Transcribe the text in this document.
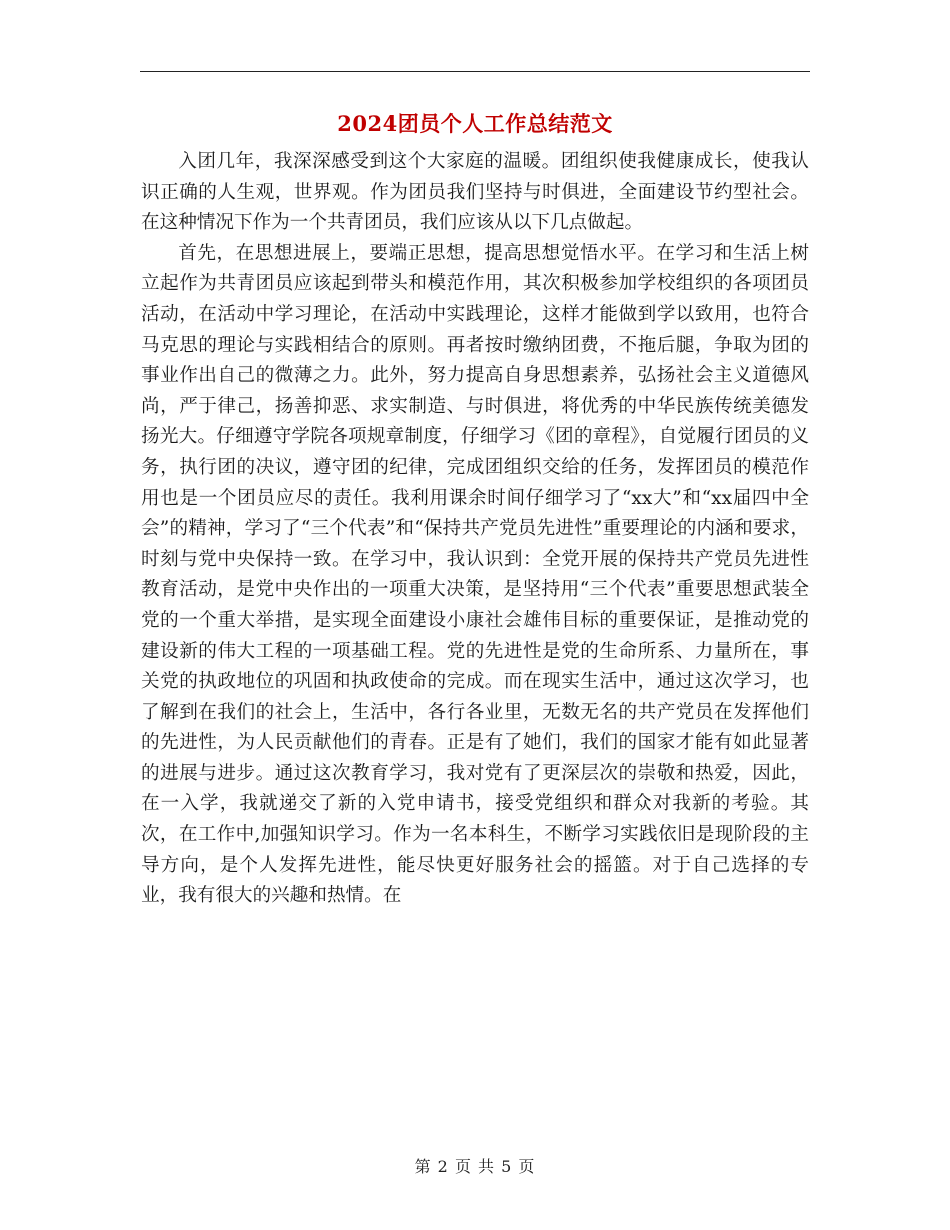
2024团员个人工作总结范文

入团几年，我深深感受到这个大家庭的温暖。团组织使我健康成长，使我认识正确的人生观，世界观。作为团员我们坚持与时俱进，全面建设节约型社会。在这种情况下作为一个共青团员，我们应该从以下几点做起。

首先，在思想进展上，要端正思想，提高思想觉悟水平。在学习和生活上树立起作为共青团员应该起到带头和模范作用，其次积极参加学校组织的各项团员活动，在活动中学习理论，在活动中实践理论，这样才能做到学以致用，也符合马克思的理论与实践相结合的原则。再者按时缴纳团费，不拖后腿，争取为团的事业作出自己的微薄之力。此外，努力提高自身思想素养，弘扬社会主义道德风尚，严于律己，扬善抑恶、求实制造、与时俱进，将优秀的中华民族传统美德发扬光大。仔细遵守学院各项规章制度，仔细学习《团的章程》，自觉履行团员的义务，执行团的决议，遵守团的纪律，完成团组织交给的任务，发挥团员的模范作用也是一个团员应尽的责任。我利用课余时间仔细学习了“xx大”和“xx届四中全会”的精神，学习了“三个代表”和“保持共产党员先进性”重要理论的内涵和要求，时刻与党中央保持一致。在学习中，我认识到：全党开展的保持共产党员先进性教育活动，是党中央作出的一项重大决策，是坚持用“三个代表”重要思想武装全党的一个重大举措，是实现全面建设小康社会雄伟目标的重要保证，是推动党的建设新的伟大工程的一项基础工程。党的先进性是党的生命所系、力量所在，事关党的执政地位的巩固和执政使命的完成。而在现实生活中，通过这次学习，也了解到在我们的社会上，生活中，各行各业里，无数无名的共产党员在发挥他们的先进性，为人民贡献他们的青春。正是有了她们，我们的国家才能有如此显著的进展与进步。通过这次教育学习，我对党有了更深层次的崇敬和热爱，因此，在一入学，我就递交了新的入党申请书，接受党组织和群众对我新的考验。其次，在工作中,加强知识学习。作为一名本科生，不断学习实践依旧是现阶段的主导方向，是个人发挥先进性，能尽快更好服务社会的摇篮。对于自己选择的专业，我有很大的兴趣和热情。在

第 2 页 共 5 页
